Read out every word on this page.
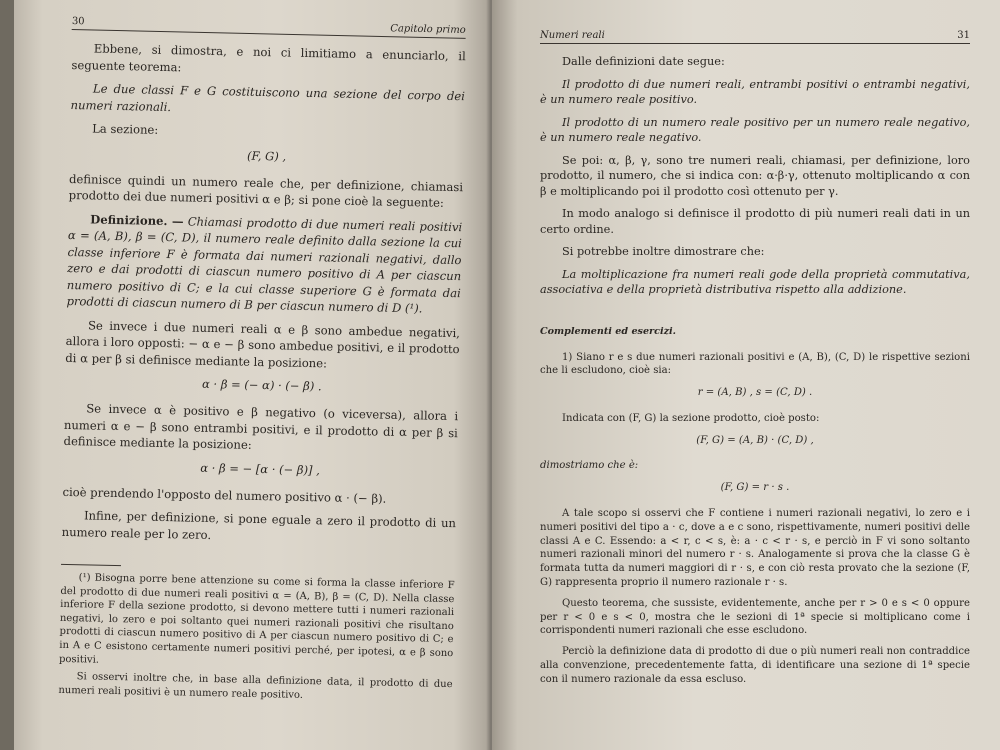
30
Capitolo primo

Ebbene, si dimostra, e noi ci limitiamo a enunciarlo, il seguente teorema:

Le due classi F e G costituiscono una sezione del corpo dei numeri razionali.

La sezione:

(F, G) ,

definisce quindi un numero reale che, per definizione, chiamasi prodotto dei due numeri positivi α e β; si pone cioè la seguente:

Definizione. — Chiamasi prodotto di due numeri reali positivi α = (A, B), β = (C, D), il numero reale definito dalla sezione la cui classe inferiore F è formata dai numeri razionali negativi, dallo zero e dai prodotti di ciascun numero positivo di A per ciascun numero positivo di C; e la cui classe superiore G è formata dai prodotti di ciascun numero di B per ciascun numero di D (¹).

Se invece i due numeri reali α e β sono ambedue negativi, allora i loro opposti: − α e − β sono ambedue positivi, e il prodotto di α per β si definisce mediante la posizione:

α · β = (− α) · (− β) .

Se invece α è positivo e β negativo (o viceversa), allora i numeri α e − β sono entrambi positivi, e il prodotto di α per β si definisce mediante la posizione:

α · β = − [α · (− β)] ,

cioè prendendo l'opposto del numero positivo α · (− β).

Infine, per definizione, si pone eguale a zero il prodotto di un numero reale per lo zero.

(¹) Bisogna porre bene attenzione su come si forma la classe inferiore F del prodotto di due numeri reali positivi α = (A, B), β = (C, D). Nella classe inferiore F della sezione prodotto, si devono mettere tutti i numeri razionali negativi, lo zero e poi soltanto quei numeri razionali positivi che risultano prodotti di ciascun numero positivo di A per ciascun numero positivo di C; e in A e C esistono certamente numeri positivi perché, per ipotesi, α e β sono positivi.

Si osservi inoltre che, in base alla definizione data, il prodotto di due numeri reali positivi è un numero reale positivo.

Numeri reali	31

Dalle definizioni date segue:

Il prodotto di due numeri reali, entrambi positivi o entrambi negativi, è un numero reale positivo.

Il prodotto di un numero reale positivo per un numero reale negativo, è un numero reale negativo.

Se poi: α, β, γ, sono tre numeri reali, chiamasi, per definizione, loro prodotto, il numero, che si indica con: α·β·γ, ottenuto moltiplicando α con β e moltiplicando poi il prodotto così ottenuto per γ.

In modo analogo si definisce il prodotto di più numeri reali dati in un certo ordine.

Si potrebbe inoltre dimostrare che:

La moltiplicazione fra numeri reali gode della proprietà commutativa, associativa e della proprietà distributiva rispetto alla addizione.

Complementi ed esercizi.

1) Siano r e s due numeri razionali positivi e (A, B), (C, D) le rispettive sezioni che li escludono, cioè sia:

r = (A, B) , s = (C, D) .

Indicata con (F, G) la sezione prodotto, cioè posto:

(F, G) = (A, B) · (C, D) ,

dimostriamo che è:

(F, G) = r · s .

A tale scopo si osservi che F contiene i numeri razionali negativi, lo zero e i numeri positivi del tipo a · c, dove a e c sono, rispettivamente, numeri positivi delle classi A e C. Essendo: a < r, c < s, è: a · c < r · s, e perciò in F vi sono soltanto numeri razionali minori del numero r · s. Analogamente si prova che la classe G è formata tutta da numeri maggiori di r · s, e con ciò resta provato che la sezione (F, G) rappresenta proprio il numero razionale r · s.

Questo teorema, che sussiste, evidentemente, anche per r > 0 e s < 0 oppure per r < 0 e s < 0, mostra che le sezioni di 1ª specie si moltiplicano come i corrispondenti numeri razionali che esse escludono.

Perciò la definizione data di prodotto di due o più numeri reali non contraddice alla convenzione, precedentemente fatta, di identificare una sezione di 1ª specie con il numero razionale da essa escluso.
